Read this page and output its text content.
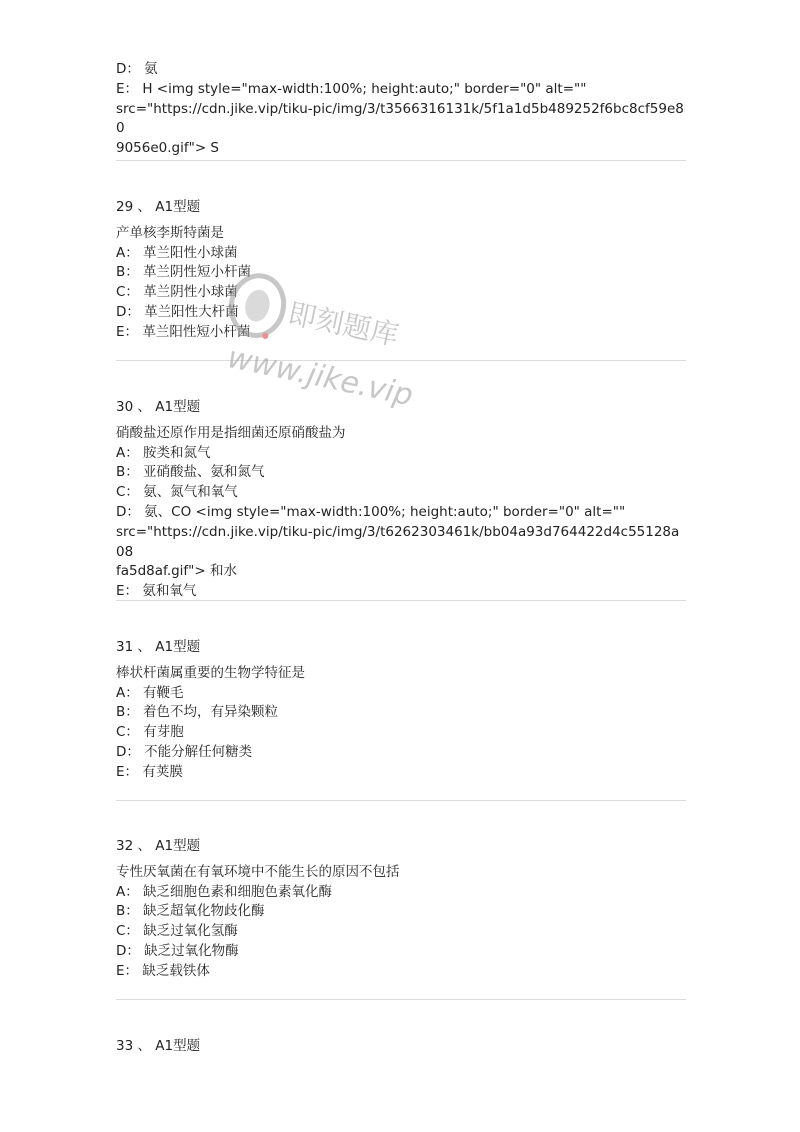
D： 氨
E： H <img style="max-width:100%; height:auto;" border="0" alt=""
src="https://cdn.jike.vip/tiku-pic/img/3/t3566316131k/5f1a1d5b489252f6bc8cf59e80
9056e0.gif"> S
29 、 A1型题
产单核李斯特菌是
A： 革兰阳性小球菌
B： 革兰阴性短小杆菌
C： 革兰阴性小球菌
D： 革兰阳性大杆菌
E： 革兰阳性短小杆菌
30 、 A1型题
硝酸盐还原作用是指细菌还原硝酸盐为
A： 胺类和氮气
B： 亚硝酸盐、氨和氮气
C： 氨、氮气和氧气
D： 氨、CO <img style="max-width:100%; height:auto;" border="0" alt=""
src="https://cdn.jike.vip/tiku-pic/img/3/t6262303461k/bb04a93d764422d4c55128a08
fa5d8af.gif"> 和水
E： 氨和氧气
31 、 A1型题
棒状杆菌属重要的生物学特征是
A： 有鞭毛
B： 着色不均，有异染颗粒
C： 有芽胞
D： 不能分解任何糖类
E： 有荚膜
32 、 A1型题
专性厌氧菌在有氧环境中不能生长的原因不包括
A： 缺乏细胞色素和细胞色素氧化酶
B： 缺乏超氧化物歧化酶
C： 缺乏过氧化氢酶
D： 缺乏过氧化物酶
E： 缺乏载铁体
33 、 A1型题
即刻题库
www.jike.vip
